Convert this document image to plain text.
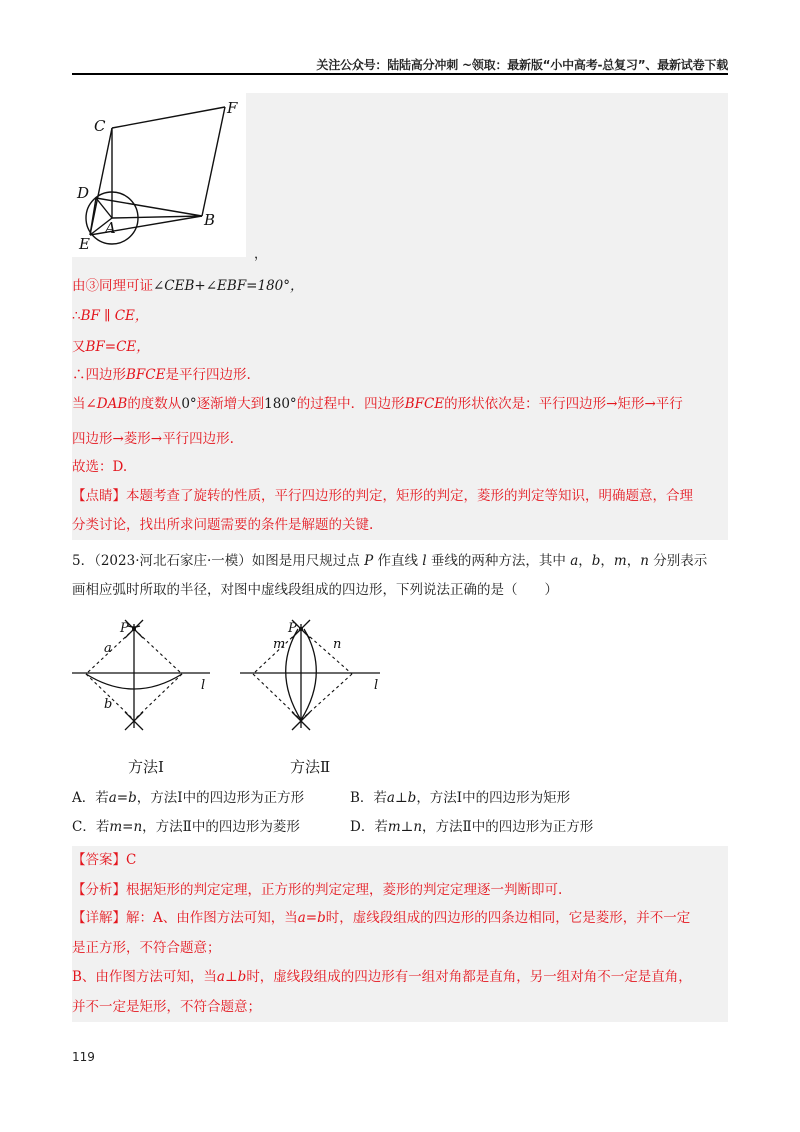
关注公众号：陆陆高分冲刺 ~领取：最新版“小中高考-总复习”、最新试卷下载
C
F
D
B
A
E
，
由③同理可证∠CEB+∠EBF=180°，
∴BF ∥ CE，
又BF=CE，
∴四边形BFCE是平行四边形.
当∠DAB的度数从0°逐渐增大到180°的过程中．四边形BFCE的形状依次是：平行四边形→矩形→平行
四边形→菱形→平行四边形.
故选：D.
【点睛】本题考查了旋转的性质，平行四边形的判定，矩形的判定，菱形的判定等知识，明确题意，合理
分类讨论，找出所求问题需要的条件是解题的关键.
5．（2023·河北石家庄·一模）如图是用尺规过点 P 作直线 l 垂线的两种方法，其中 a，b，m，n 分别表示
画相应弧时所取的半径，对图中虚线段组成的四边形，下列说法正确的是（　　）
P
a
b
l
P
m	n
l
方法Ⅰ	方法Ⅱ
A．若a=b，方法Ⅰ中的四边形为正方形	B．若a⊥b，方法Ⅰ中的四边形为矩形
C．若m=n，方法Ⅱ中的四边形为菱形	D．若m⊥n，方法Ⅱ中的四边形为正方形
【答案】C
【分析】根据矩形的判定定理，正方形的判定定理，菱形的判定定理逐一判断即可.
【详解】解：A、由作图方法可知，当a=b时，虚线段组成的四边形的四条边相同，它是菱形，并不一定
是正方形，不符合题意；
B、由作图方法可知，当a⊥b时，虚线段组成的四边形有一组对角都是直角，另一组对角不一定是直角，
并不一定是矩形，不符合题意；
119
